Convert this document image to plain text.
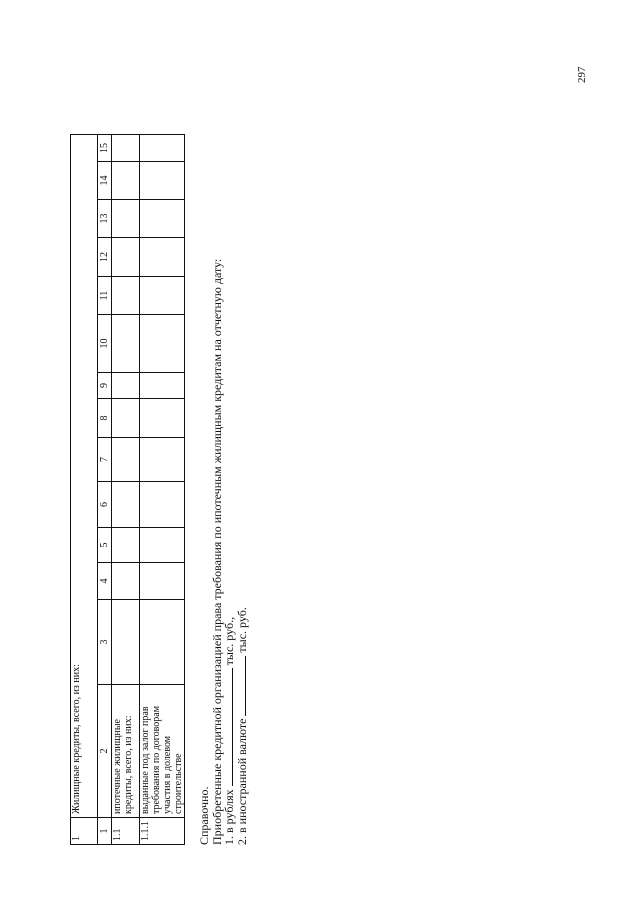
1	Жилищные кредиты, всего, из них:													
1	2	3	4	5	6	7	8	9	10	11	12	13	14	15
1.1	ипотечные жилищные кредиты, всего, из них:													
1.1.1	выданные под залог прав требования по договорам участия в долевом строительстве													
Справочно.
Приобретенные кредитной организацией права требования по ипотечным жилищным кредитам на отчетную дату:
1. в рублях  тыс. руб.,
2. в иностранной валюте  тыс. руб.
297
